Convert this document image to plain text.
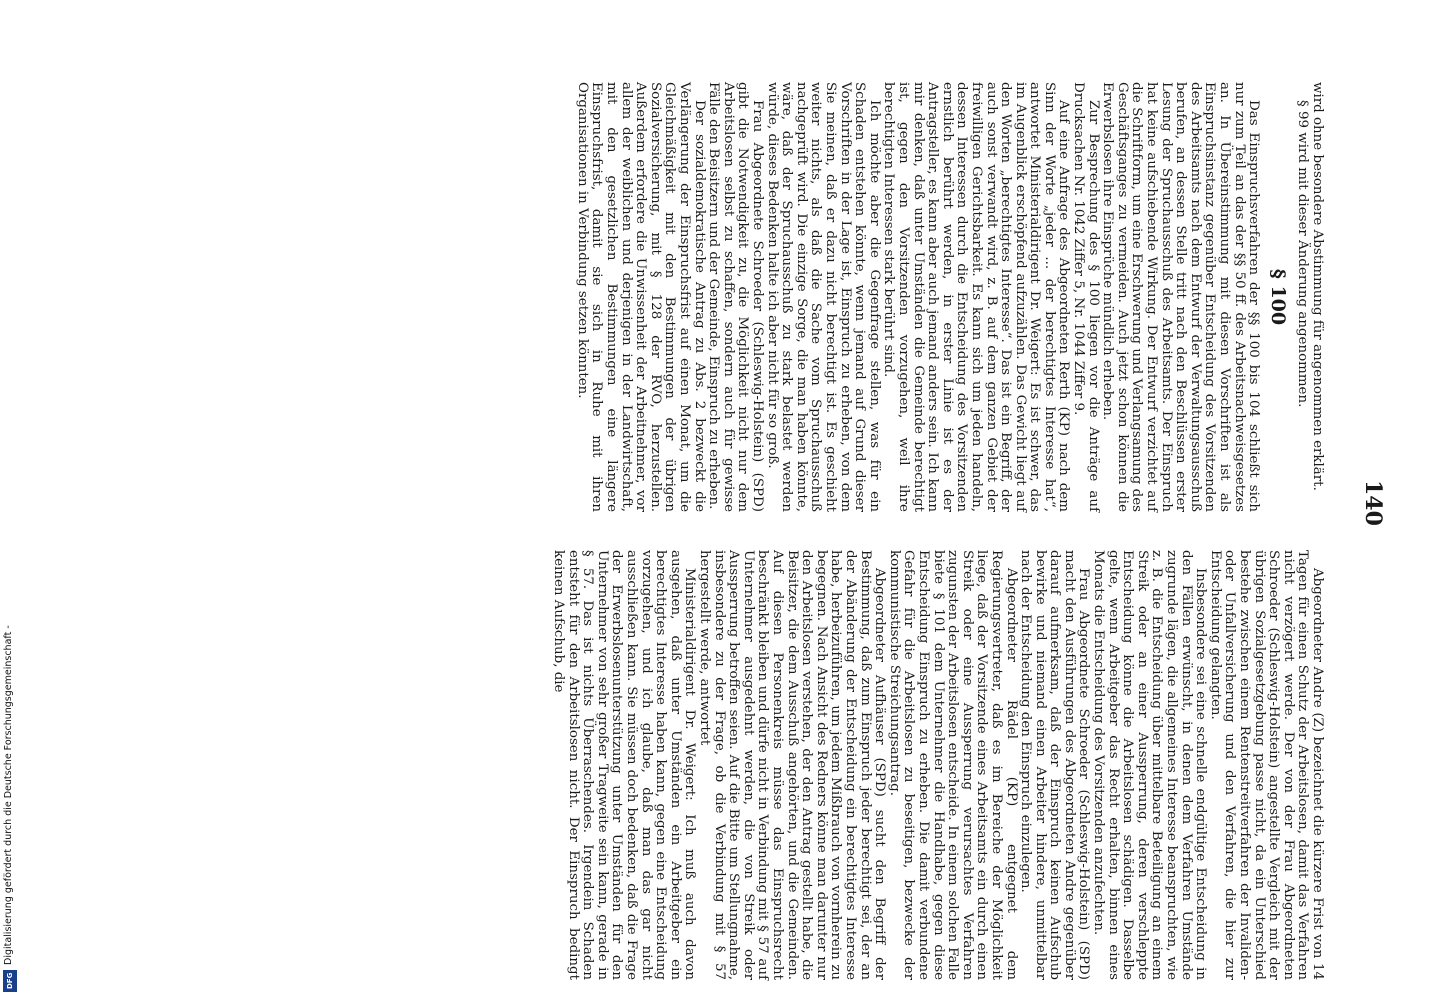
DFG
Digitalisierung gefördert durch die Deutsche Forschungsgemeinschaft -
140

wird ohne besondere Abstimmung für angenommen erklärt.

§ 99 wird mit dieser Änderung angenommen.

§ 100

Das Einspruchsverfahren der §§ 100 bis 104 schließt sich nur zum Teil an das der §§ 50 ff. des Arbeitsnachweisgesetzes an. In Übereinstimmung mit diesen Vorschriften ist als Einspruchsinstanz gegenüber Entscheidung des Vorsitzenden des Arbeitsamts nach dem Entwurf der Verwaltungsausschuß berufen, an dessen Stelle tritt nach den Beschlüssen erster Lesung der Spruchausschuß des Arbeitsamts. Der Einspruch hat keine aufschiebende Wirkung. Der Entwurf verzichtet auf die Schriftform, um eine Erschwerung und Verlangsamung des Geschäftsganges zu vermeiden. Auch jetzt schon können die Erwerbslosen ihre Einsprüche mündlich erheben.

Zur Besprechung des § 100 liegen vor die Anträge auf Drucksachen Nr. 1042 Ziffer 5, Nr. 1044 Ziffer 9.

Auf eine Anfrage des Abgeordneten Rerth (KP) nach dem Sinn der Worte „jeder ... der berechtigtes Interesse hat“, antwortet Ministerialdirigent Dr. Weigert: Es ist schwer, das im Augenblick erschöpfend aufzuzählen. Das Gewicht liegt auf den Worten „berechtigtes Interesse“. Das ist ein Begriff, der auch sonst verwandt wird, z. B. auf dem ganzen Gebiet der freiwilligen Gerichtsbarkeit. Es kann sich um jeden handeln, dessen Interessen durch die Entscheidung des Vorsitzenden ernstlich berührt werden, in erster Linie ist es der Antragsteller, es kann aber auch jemand anders sein. Ich kann mir denken, daß unter Umständen die Gemeinde berechtigt ist, gegen den Vorsitzenden vorzugehen, weil ihre berechtigten Interessen stark berührt sind.

Ich möchte aber die Gegenfrage stellen, was für ein Schaden entstehen könnte, wenn jemand auf Grund dieser Vorschriften in der Lage ist, Einspruch zu erheben, von dem Sie meinen, daß er dazu nicht berechtigt ist. Es geschieht weiter nichts, als daß die Sache vom Spruchausschuß nachgeprüft wird. Die einzige Sorge, die man haben könnte, wäre, daß der Spruchausschuß zu stark belastet werden würde, dieses Bedenken halte ich aber nicht für so groß.

Frau Abgeordnete Schroeder (Schleswig-Holstein) (SPD) gibt die Notwendigkeit zu, die Möglichkeit nicht nur dem Arbeitslosen selbst zu schaffen, sondern auch für gewisse Fälle den Beisitzern und der Gemeinde, Einspruch zu erheben.

Der sozialdemokratische Antrag zu Abs. 2 bezweckt die Verlängerung der Einspruchsfrist auf einen Monat, um die Gleichmäßigkeit mit den Bestimmungen der übrigen Sozialversicherung, mit § 128 der RVO, herzustellen. Außerdem erfordere die Unwissenheit der Arbeitnehmer, vor allem der weiblichen und derjenigen in der Landwirtschaft, mit den gesetzlichen Bestimmungen eine längere Einspruchsfrist, damit sie sich in Ruhe mit ihren Organisationen in Verbindung setzen könnten.

Abgeordneter Andre (Z) bezeichnet die kürzere Frist von 14 Tagen für einen Schutz der Arbeitslosen, damit das Verfahren nicht verzögert werde. Der von der Frau Abgeordneten Schroeder (Schleswig-Holstein) angestellte Vergleich mit der übrigen Sozialgesetzgebung passe nicht, da ein Unterschied bestehe zwischen einem Rentenstreitverfahren der Invaliden- oder Unfallversicherung und den Verfahren, die hier zur Entscheidung gelangten.

Insbesondere sei eine schnelle endgültige Entscheidung in den Fällen erwünscht, in denen dem Verfahren Umstände zugrunde lägen, die allgemeines Interesse beanspruchten, wie z. B. die Entscheidung über mittelbare Beteiligung an einem Streik oder an einer Aussperrung, deren verschleppte Entscheidung könne die Arbeitslosen schädigen. Dasselbe gelte, wenn Arbeitgeber das Recht erhalten, binnen eines Monats die Entscheidung des Vorsitzenden anzufechten.

Frau Abgeordnete Schroeder (Schleswig-Holstein) (SPD) macht den Ausführungen des Abgeordneten Andre gegenüber darauf aufmerksam, daß der Einspruch keinen Aufschub bewirke und niemand einen Arbeiter hindere, unmittelbar nach der Entscheidung den Einspruch einzulegen.

Abgeordneter Rädel (KP) entgegnet dem Regierungsvertreter, daß es im Bereiche der Möglichkeit liege, daß der Vorsitzende eines Arbeitsamts ein durch einen Streik oder eine Aussperrung verursachtes Verfahren zugunsten der Arbeitslosen entscheide. In einem solchen Falle biete § 101 dem Unternehmer die Handhabe, gegen diese Entscheidung Einspruch zu erheben. Die damit verbundene Gefahr für die Arbeitslosen zu beseitigen, bezwecke der kommunistische Streichungsantrag.

Abgeordneter Aufhäuser (SPD) sucht den Begriff der Bestimmung, daß zum Einspruch jeder berechtigt sei, der an der Abänderung der Entscheidung ein berechtigtes Interesse habe, herbeizuführen, um jedem Mißbrauch von vornherein zu begegnen. Nach Ansicht des Redners könne man darunter nur den Arbeitslosen verstehen, der den Antrag gestellt habe, die Beisitzer, die dem Ausschuß angehörten, und die Gemeinden. Auf diesen Personenkreis müsse das Einspruchsrecht beschränkt bleiben und dürfe nicht in Verbindung mit § 57 auf Unternehmer ausgedehnt werden, die von Streik oder Aussperrung betroffen seien. Auf die Bitte um Stellungnahme, insbesondere zu der Frage, ob die Verbindung mit § 57 hergestellt werde, antwortet

Ministerialdirigent Dr. Weigert: Ich muß auch davon ausgehen, daß unter Umständen ein Arbeitgeber ein berechtigtes Interesse haben kann, gegen eine Entscheidung vorzugehen, und ich glaube, daß man das gar nicht ausschließen kann. Sie müssen doch bedenken, daß die Frage der Erwerbslosenunterstützung unter Umständen für den Unternehmer von sehr großer Tragweite sein kann, gerade in § 57. Das ist nichts Überraschendes. Irgendein Schaden entsteht für den Arbeitslosen nicht. Der Einspruch bedingt keinen Aufschub, die
